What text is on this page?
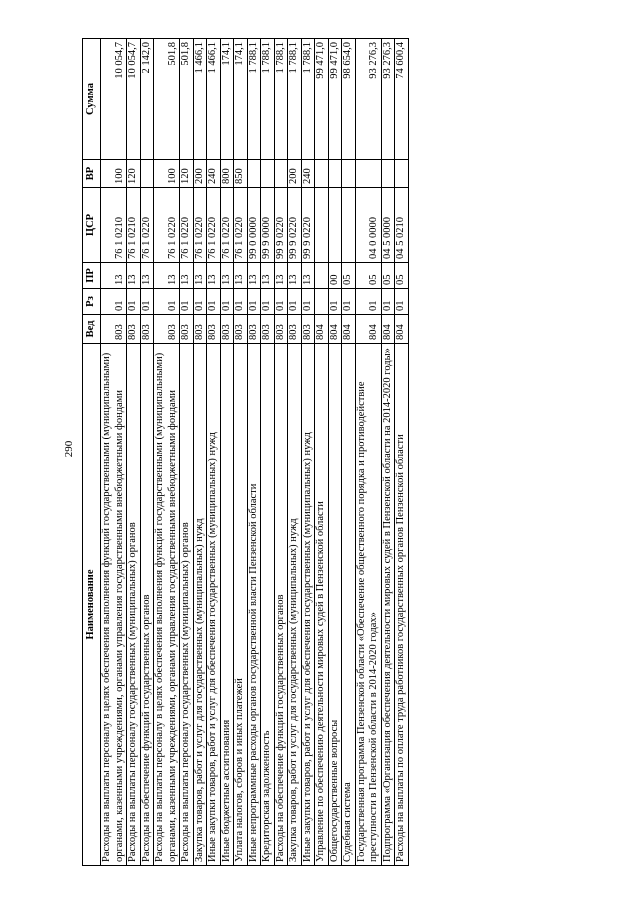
290
Наименование	Вед	Рз	ПР	ЦСР	ВР	Сумма
Расходы на выплаты персоналу в целях обеспечения выполнения функций государственными (муниципальными) органами, казенными учреждениями, органами управления государственными внебюджетными фондами	803	01	13	76 1 0210	100	10 054,7
Расходы на выплаты персоналу государственных (муниципальных) органов	803	01	13	76 1 0210	120	10 054,7
Расходы на обеспечение функций государственных органов	803	01	13	76 1 0220		2 142,0
Расходы на выплаты персоналу в целях обеспечения выполнения функций государственными (муниципальными) органами, казенными учреждениями, органами управления государственными внебюджетными фондами	803	01	13	76 1 0220	100	501,8
Расходы на выплаты персоналу государственных (муниципальных) органов	803	01	13	76 1 0220	120	501,8
Закупка товаров, работ и услуг для государственных (муниципальных) нужд	803	01	13	76 1 0220	200	1 466,1
Иные закупки товаров, работ и услуг для обеспечения государственных (муниципальных) нужд	803	01	13	76 1 0220	240	1 466,1
Иные бюджетные ассигнования	803	01	13	76 1 0220	800	174,1
Уплата налогов, сборов и иных платежей	803	01	13	76 1 0220	850	174,1
Иные непрограммные расходы органов государственной власти Пензенской области	803	01	13	99 0 0000		1 788,1
Кредиторская задолженность	803	01	13	99 9 0000		1 788,1
Расходы на обеспечение функций государственных органов	803	01	13	99 9 0220		1 788,1
Закупка товаров, работ и услуг для государственных (муниципальных) нужд	803	01	13	99 9 0220	200	1 788,1
Иные закупки товаров, работ и услуг для обеспечения государственных (муниципальных) нужд	803	01	13	99 9 0220	240	1 788,1
Управление по обеспечению деятельности мировых судей в Пензенской области	804					99 471,0
Общегосударственные вопросы	804	01	00			99 471,0
Судебная система	804	01	05			98 654,0
Государственная программа Пензенской области «Обеспечение общественного порядка и противодействие преступности в Пензенской области в 2014-2020 годах»	804	01	05	04 0 0000		93 276,3
Подпрограмма «Организация обеспечения деятельности мировых судей в Пензенской области на 2014-2020 годы»	804	01	05	04 5 0000		93 276,3
Расходы на выплаты по оплате труда работников государственных органов Пензенской области	804	01	05	04 5 0210		74 600,4
